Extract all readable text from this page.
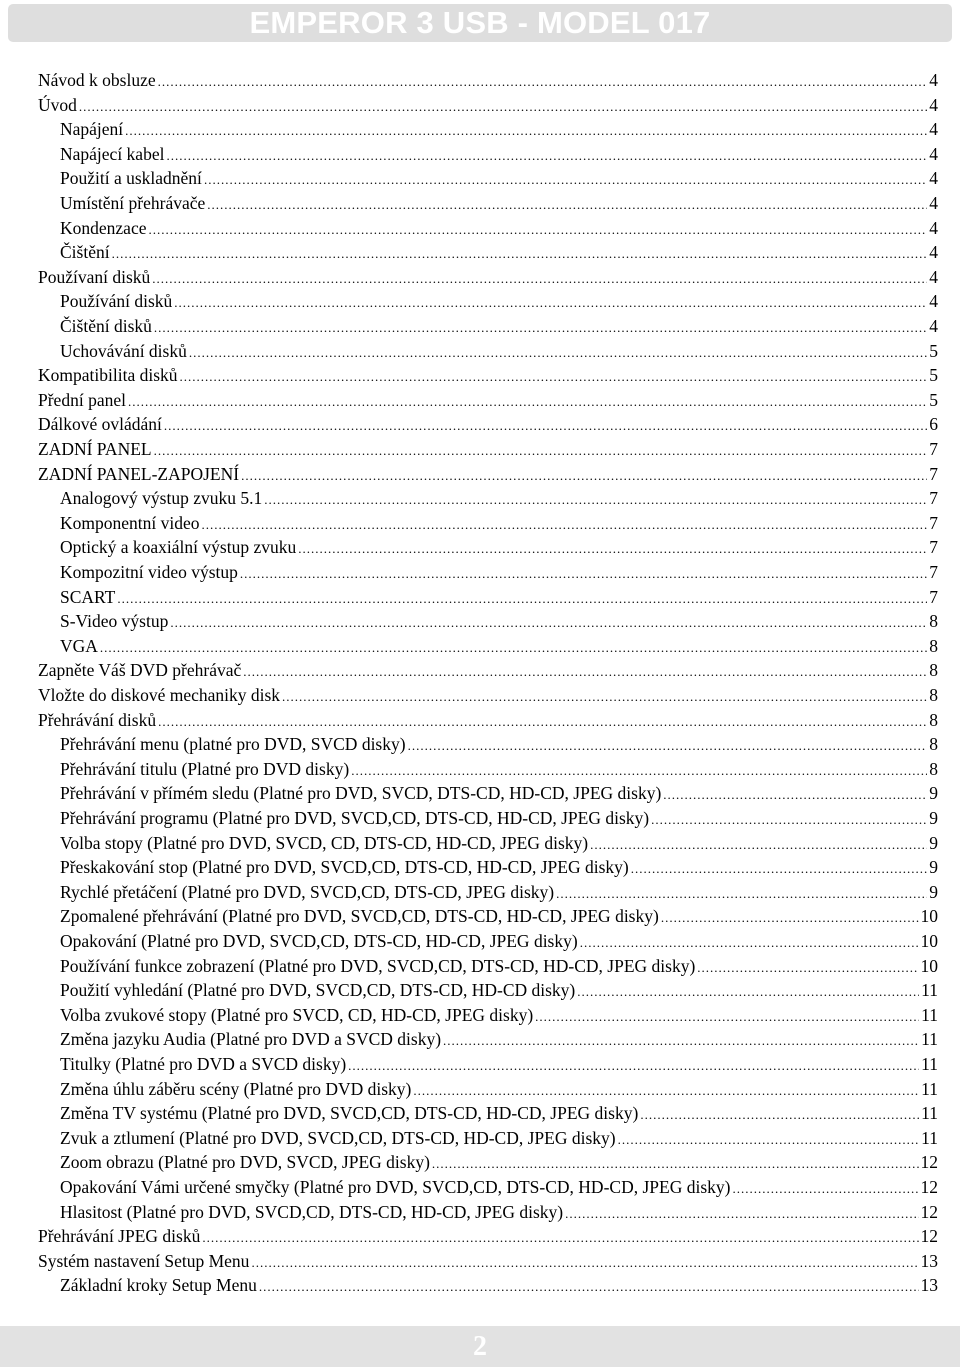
EMPEROR 3 USB - MODEL 017
Návod k obsluze .....	4
Úvod .....	4
Napájení .....	4
Napájecí kabel .....	4
Použití a uskladnění .....	4
Umístění přehrávače .....	4
Kondenzace .....	4
Čištění .....	4
Používaní disků .....	4
Používání disků .....	4
Čištění disků .....	4
Uchovávání disků .....	5
Kompatibilita disků .....	5
Přední panel .....	5
Dálkové ovládání .....	6
ZADNÍ PANEL .....	7
ZADNÍ PANEL-ZAPOJENÍ .....	7
Analogový výstup zvuku 5.1 .....	7
Komponentní video .....	7
Optický a koaxiální výstup zvuku .....	7
Kompozitní video výstup .....	7
SCART .....	7
S-Video výstup .....	8
VGA .....	8
Zapněte Váš DVD přehrávač .....	8
Vložte do diskové mechaniky disk .....	8
Přehrávání disků .....	8
Přehrávání menu (platné pro DVD, SVCD disky) .....	8
Přehrávání titulu (Platné pro DVD disky) .....	8
Přehrávání v přímém sledu (Platné pro DVD, SVCD, DTS-CD, HD-CD, JPEG disky) .....	9
Přehrávání programu (Platné pro DVD, SVCD,CD, DTS-CD, HD-CD, JPEG disky) .....	9
Volba stopy (Platné pro DVD, SVCD, CD, DTS-CD, HD-CD, JPEG disky) .....	9
Přeskakování stop (Platné pro DVD, SVCD,CD, DTS-CD, HD-CD, JPEG disky) .....	9
Rychlé přetáčení (Platné pro DVD, SVCD,CD, DTS-CD, JPEG disky) .....	9
Zpomalené přehrávání (Platné pro DVD, SVCD,CD, DTS-CD, HD-CD, JPEG disky) .....	10
Opakování (Platné pro DVD, SVCD,CD, DTS-CD, HD-CD, JPEG disky) .....	10
Používání funkce zobrazení (Platné pro DVD, SVCD,CD, DTS-CD, HD-CD, JPEG disky) .....	10
Použití vyhledání (Platné pro DVD, SVCD,CD, DTS-CD, HD-CD disky) .....	11
Volba zvukové stopy (Platné pro SVCD, CD, HD-CD, JPEG disky) .....	11
Změna jazyku Audia (Platné pro DVD a SVCD disky) .....	11
Titulky (Platné pro DVD a SVCD disky) .....	11
Změna úhlu záběru scény (Platné pro DVD disky) .....	11
Změna TV systému (Platné pro DVD, SVCD,CD, DTS-CD, HD-CD, JPEG disky) .....	11
Zvuk a ztlumení (Platné pro DVD, SVCD,CD, DTS-CD, HD-CD, JPEG disky) .....	11
Zoom obrazu (Platné pro DVD, SVCD, JPEG disky) .....	12
Opakování Vámi určené smyčky (Platné pro DVD, SVCD,CD, DTS-CD, HD-CD, JPEG disky) .....	12
Hlasitost (Platné pro DVD, SVCD,CD, DTS-CD, HD-CD, JPEG disky) .....	12
Přehrávání JPEG disků .....	12
Systém nastavení Setup Menu .....	13
Základní kroky Setup Menu .....	13
2
